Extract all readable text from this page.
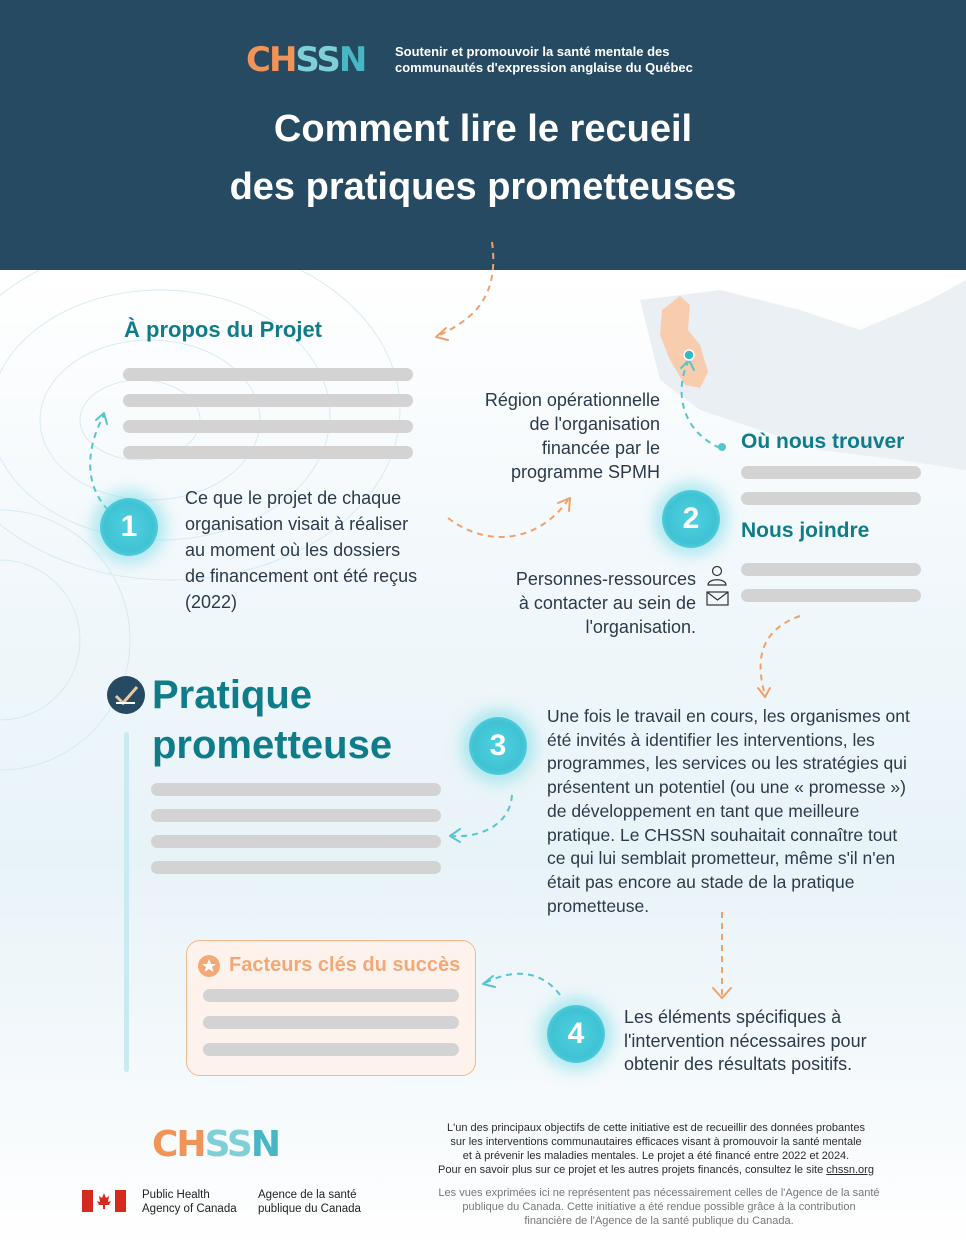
CHSSN Soutenir et promouvoir la santé mentale des
communautés d'expression anglaise du Québec
Comment lire le recueil
des pratiques prometteuses
À propos du Projet
1
Ce que le projet de chaque
organisation visait à réaliser
au moment où les dossiers
de financement ont été reçus
(2022)
Région opérationnelle
de l'organisation
financée par le
programme SPMH
2
Où nous trouver
Nous joindre
Personnes-ressources
à contacter au sein de
l'organisation.
Pratique
prometteuse	3
Une fois le travail en cours, les organismes ont
été invités à identifier les interventions, les
programmes, les services ou les stratégies qui
présentent un potentiel (ou une « promesse »)
de développement en tant que meilleure
pratique. Le CHSSN souhaitait connaître tout
ce qui lui semblait prometteur, même s'il n'en
était pas encore au stade de la pratique
prometteuse.
Facteurs clés du succès
4	Les éléments spécifiques à
l'intervention nécessaires pour
obtenir des résultats positifs.
CHSSN
Public Health
Agency of Canada
Agence de la santé
publique du Canada
L'un des principaux objectifs de cette initiative est de recueillir des données probantes
sur les interventions communautaires efficaces visant à promouvoir la santé mentale
et à prévenir les maladies mentales. Le projet a été financé entre 2022 et 2024.
Pour en savoir plus sur ce projet et les autres projets financés, consultez le site chssn.org
Les vues exprimées ici ne représentent pas nécessairement celles de l'Agence de la santé
publique du Canada. Cette initiative a été rendue possible grâce à la contribution
financière de l'Agence de la santé publique du Canada.
